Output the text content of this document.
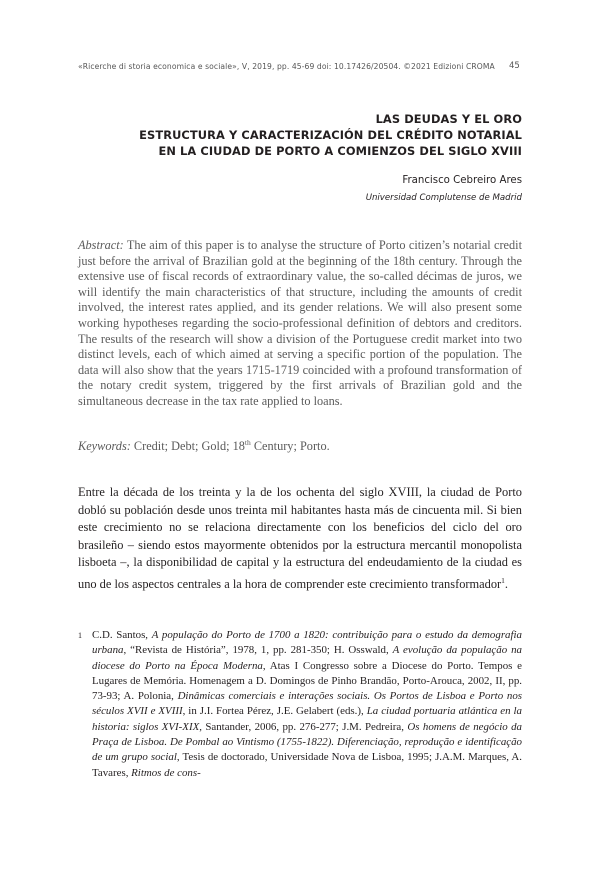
«Ricerche di storia economica e sociale», V, 2019, pp. 45-69 doi: 10.17426/20504. ©2021 Edizioni CROMA	45
LAS DEUDAS Y EL ORO
ESTRUCTURA Y CARACTERIZACIÓN DEL CRÉDITO NOTARIAL
EN LA CIUDAD DE PORTO A COMIENZOS DEL SIGLO XVIII
Francisco Cebreiro Ares
Universidad Complutense de Madrid
Abstract: The aim of this paper is to analyse the structure of Porto citizen’s notarial credit just before the arrival of Brazilian gold at the beginning of the 18th century. Through the extensive use of fiscal records of extraordinary value, the so-called décimas de juros, we will identify the main characteristics of that structure, including the amounts of credit involved, the interest rates applied, and its gender relations. We will also present some working hypotheses regarding the socio-professional definition of debtors and creditors. The results of the research will show a division of the Portuguese credit market into two distinct levels, each of which aimed at serving a specific portion of the population. The data will also show that the years 1715-1719 coincided with a profound transformation of the notary credit system, triggered by the first arrivals of Brazilian gold and the simultaneous decrease in the tax rate applied to loans.
Keywords: Credit; Debt; Gold; 18th Century; Porto.
Entre la década de los treinta y la de los ochenta del siglo XVIII, la ciudad de Porto dobló su población desde unos treinta mil habitantes hasta más de cincuenta mil. Si bien este crecimiento no se relaciona directamente con los beneficios del ciclo del oro brasileño – siendo estos mayormente obtenidos por la estructura mercantil monopolista lisboeta –, la disponibilidad de capital y la estructura del endeudamiento de la ciudad es uno de los aspectos centrales a la hora de comprender este crecimiento transformador$^1$.
1 C.D. Santos, A população do Porto de 1700 a 1820: contribuição para o estudo da demografia urbana, “Revista de História”, 1978, 1, pp. 281-350; H. Osswald, A evolução da população na diocese do Porto na Época Moderna, Atas I Congresso sobre a Diocese do Porto. Tempos e Lugares de Memória. Homenagem a D. Domingos de Pinho Brandão, Porto-Arouca, 2002, II, pp. 73-93; A. Polonia, Dinâmicas comerciais e interações sociais. Os Portos de Lisboa e Porto nos séculos XVII e XVIII, in J.I. Fortea Pérez, J.E. Gelabert (eds.), La ciudad portuaria atlántica en la historia: siglos XVI-XIX, Santander, 2006, pp. 276-277; J.M. Pedreira, Os homens de negócio da Praça de Lisboa. De Pombal ao Vintismo (1755-1822). Diferenciação, reprodução e identificação de um grupo social, Tesis de doctorado, Universidade Nova de Lisboa, 1995; J.A.M. Marques, A. Tavares, Ritmos de cons-
